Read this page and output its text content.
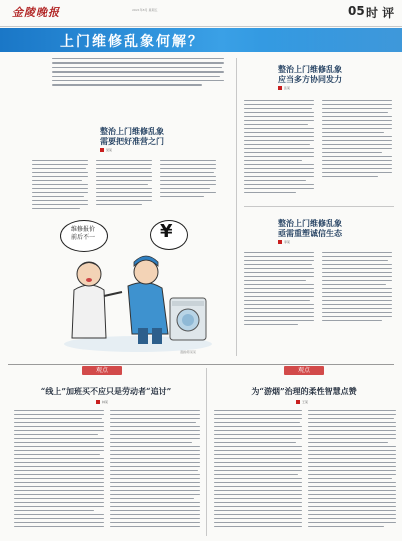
金陵晚报	2021年8月 星期五	05 时 评
上门维修乱象何解？
整治上门维修乱象
需要把好准营之门
吴某
维修报价
前后不一	¥
漫画/陈某某
整治上门维修乱象
应当多方协同发力
张某
整治上门维修乱象
亟需重塑诚信生态
李某
观点
“线上”加班买不应只是劳动者“追讨”
林某
观点
为“游烟”治理的柔性智慧点赞
王某
